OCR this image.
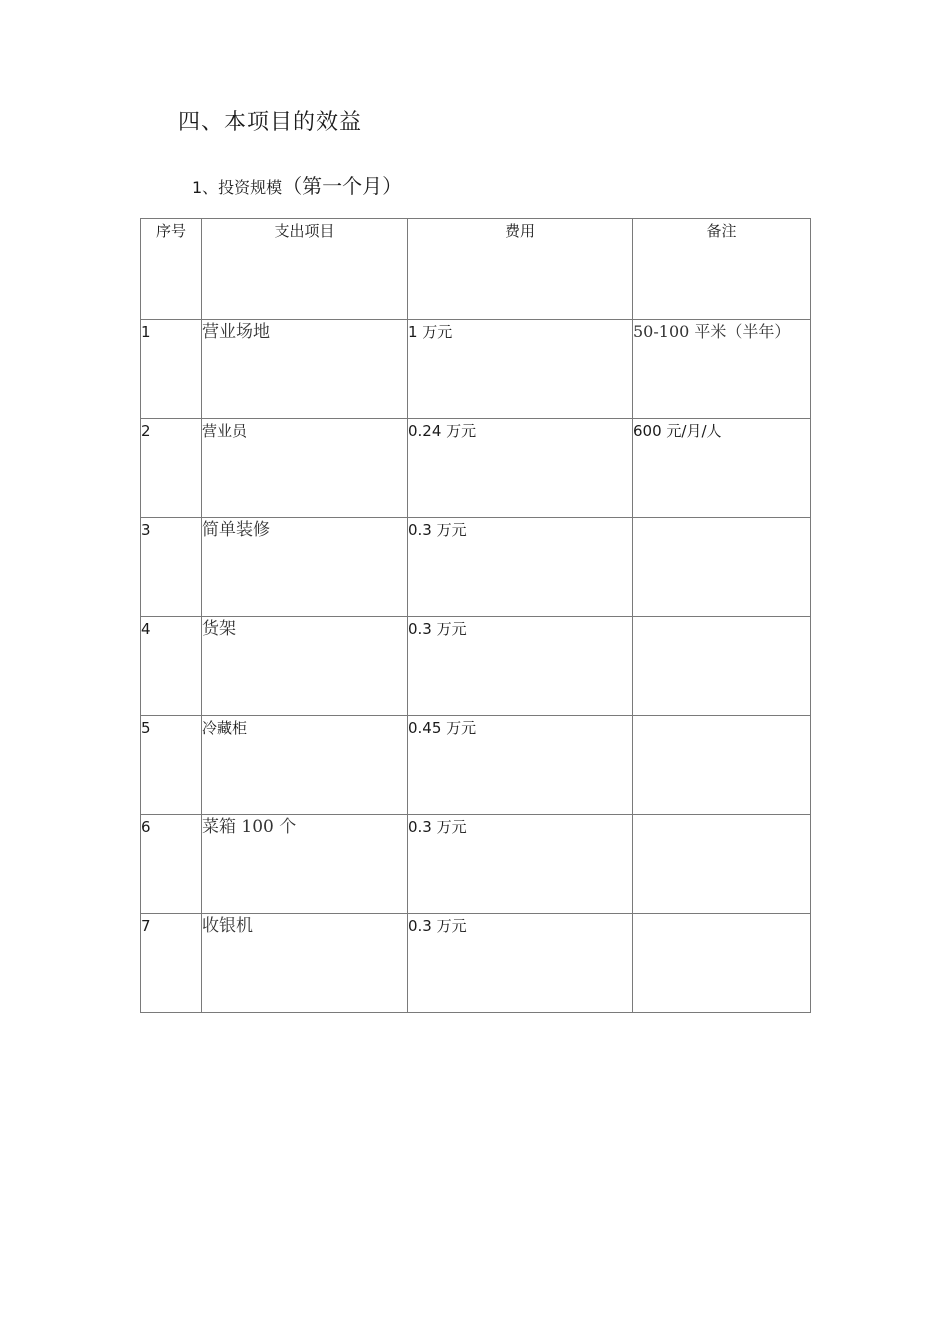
四、本项目的效益
1、投资规模（第一个月）
序号	支出项目	费用	备注
1	营业场地	1 万元	50-100 平米（半年）
2	营业员	0.24 万元	600 元/月/人
3	简单装修	0.3 万元	
4	货架	0.3 万元	
5	冷藏柜	0.45 万元	
6	菜箱 100 个	0.3 万元	
7	收银机	0.3 万元	
